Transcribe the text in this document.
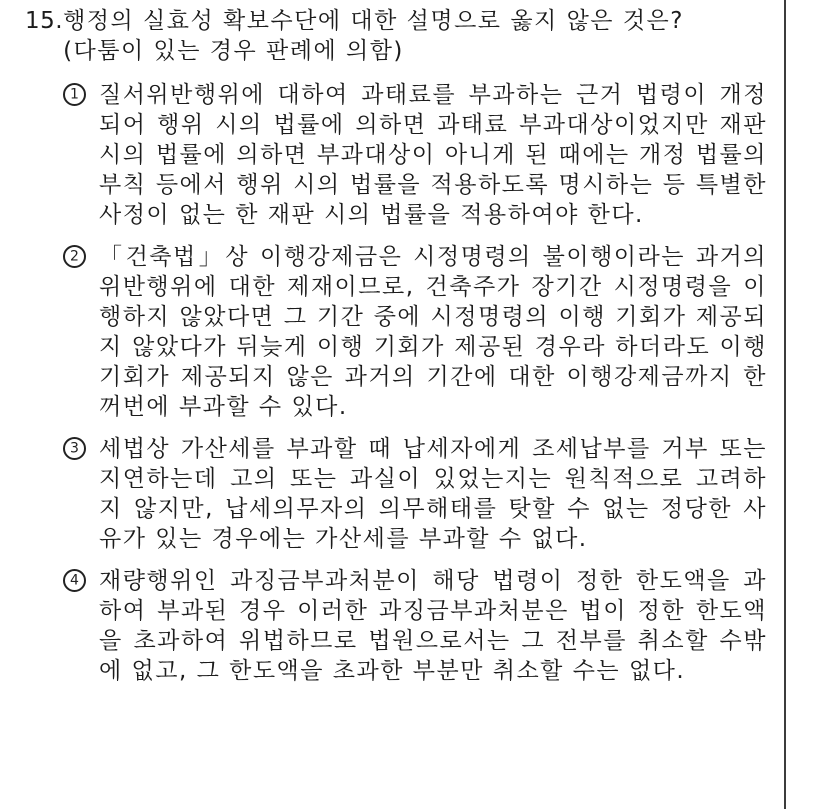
15. 행정의 실효성 확보수단에 대한 설명으로 옳지 않은 것은?
(다툼이 있는 경우 판례에 의함)
1 질서위반행위에 대하여 과태료를 부과하는 근거 법령이 개정되어 행위 시의 법률에 의하면 과태료 부과대상이었지만 재판 시의 법률에 의하면 부과대상이 아니게 된 때에는 개정 법률의 부칙 등에서 행위 시의 법률을 적용하도록 명시하는 등 특별한 사정이 없는 한 재판 시의 법률을 적용하여야 한다.
2 「건축법」상 이행강제금은 시정명령의 불이행이라는 과거의 위반행위에 대한 제재이므로, 건축주가 장기간 시정명령을 이행하지 않았다면 그 기간 중에 시정명령의 이행 기회가 제공되지 않았다가 뒤늦게 이행 기회가 제공된 경우라 하더라도 이행 기회가 제공되지 않은 과거의 기간에 대한 이행강제금까지 한꺼번에 부과할 수 있다.
3 세법상 가산세를 부과할 때 납세자에게 조세납부를 거부 또는 지연하는데 고의 또는 과실이 있었는지는 원칙적으로 고려하지 않지만, 납세의무자의 의무해태를 탓할 수 없는 정당한 사유가 있는 경우에는 가산세를 부과할 수 없다.
4 재량행위인 과징금부과처분이 해당 법령이 정한 한도액을 과하여 부과된 경우 이러한 과징금부과처분은 법이 정한 한도액을 초과하여 위법하므로 법원으로서는 그 전부를 취소할 수밖에 없고, 그 한도액을 초과한 부분만 취소할 수는 없다.
